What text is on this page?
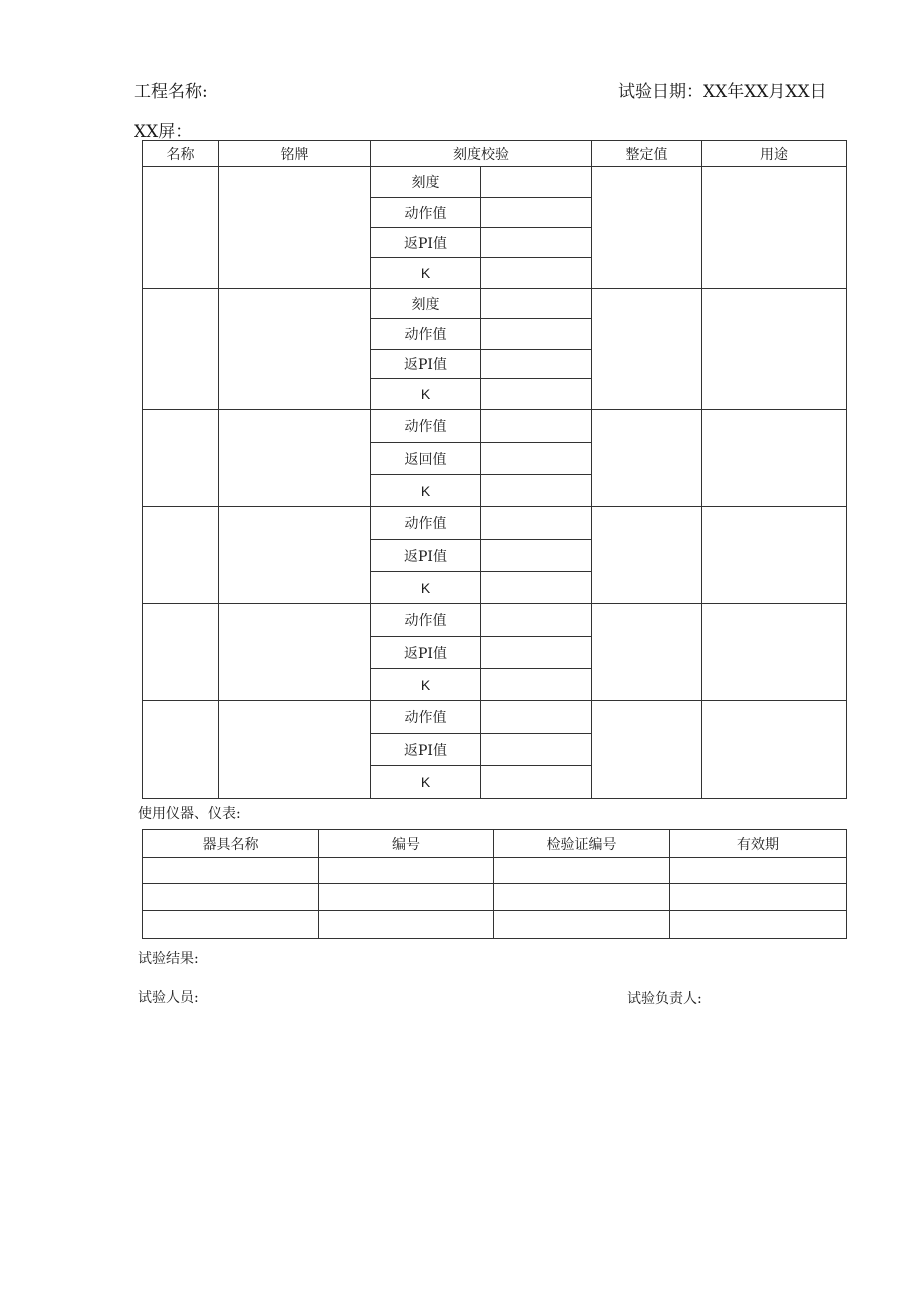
工程名称:	试验日期：XX年XX月XX日
XX屏：
名称	铭牌	刻度校验		整定值	用途
		刻度			
		动作值			
		返PI值			
		K			
		刻度			
		动作值			
		返PI值			
		K			
		动作值			
		返回值			
		K			
		动作值			
		返PI值			
		K			
		动作值			
		返PI值			
		K			
		动作值			
		返PI值			
		K			
使用仪器、仪表:
器具名称	编号	检验证编号	有效期

试验结果:
试验人员:	试验负责人:
